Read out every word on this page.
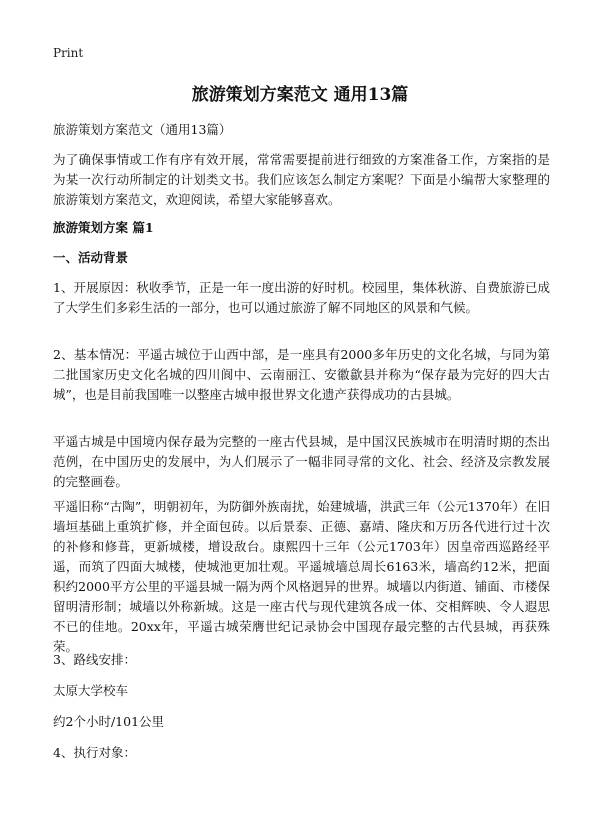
Print
旅游策划方案范文 通用13篇

旅游策划方案范文（通用13篇）

为了确保事情或工作有序有效开展，常常需要提前进行细致的方案准备工作，方案指的是为某一次行动所制定的计划类文书。我们应该怎么制定方案呢？下面是小编帮大家整理的旅游策划方案范文，欢迎阅读，希望大家能够喜欢。

旅游策划方案 篇1

一、活动背景

1、开展原因：秋收季节，正是一年一度出游的好时机。校园里，集体秋游、自费旅游已成了大学生们多彩生活的一部分，也可以通过旅游了解不同地区的风景和气候。

2、基本情况：平遥古城位于山西中部，是一座具有2000多年历史的文化名城，与同为第二批国家历史文化名城的四川阆中、云南丽江、安徽歙县并称为“保存最为完好的四大古城”，也是目前我国唯一以整座古城申报世界文化遗产获得成功的古县城。

平遥古城是中国境内保存最为完整的一座古代县城，是中国汉民族城市在明清时期的杰出范例，在中国历史的发展中，为人们展示了一幅非同寻常的文化、社会、经济及宗教发展的完整画卷。

平遥旧称“古陶”，明朝初年，为防御外族南扰，始建城墙，洪武三年（公元1370年）在旧墙垣基础上重筑扩修，并全面包砖。以后景泰、正德、嘉靖、隆庆和万历各代进行过十次的补修和修葺，更新城楼，增设敌台。康熙四十三年（公元1703年）因皇帝西巡路经平遥，而筑了四面大城楼，使城池更加壮观。平遥城墙总周长6163米，墙高约12米，把面积约2000平方公里的平遥县城一隔为两个风格迥异的世界。城墙以内街道、铺面、市楼保留明清形制；城墙以外称新城。这是一座古代与现代建筑各成一体、交相辉映、令人遐思不已的佳地。20xx年，平遥古城荣膺世纪记录协会中国现存最完整的古代县城，再获殊荣。

3、路线安排：

太原大学校车

约2个小时/101公里

4、执行对象：
